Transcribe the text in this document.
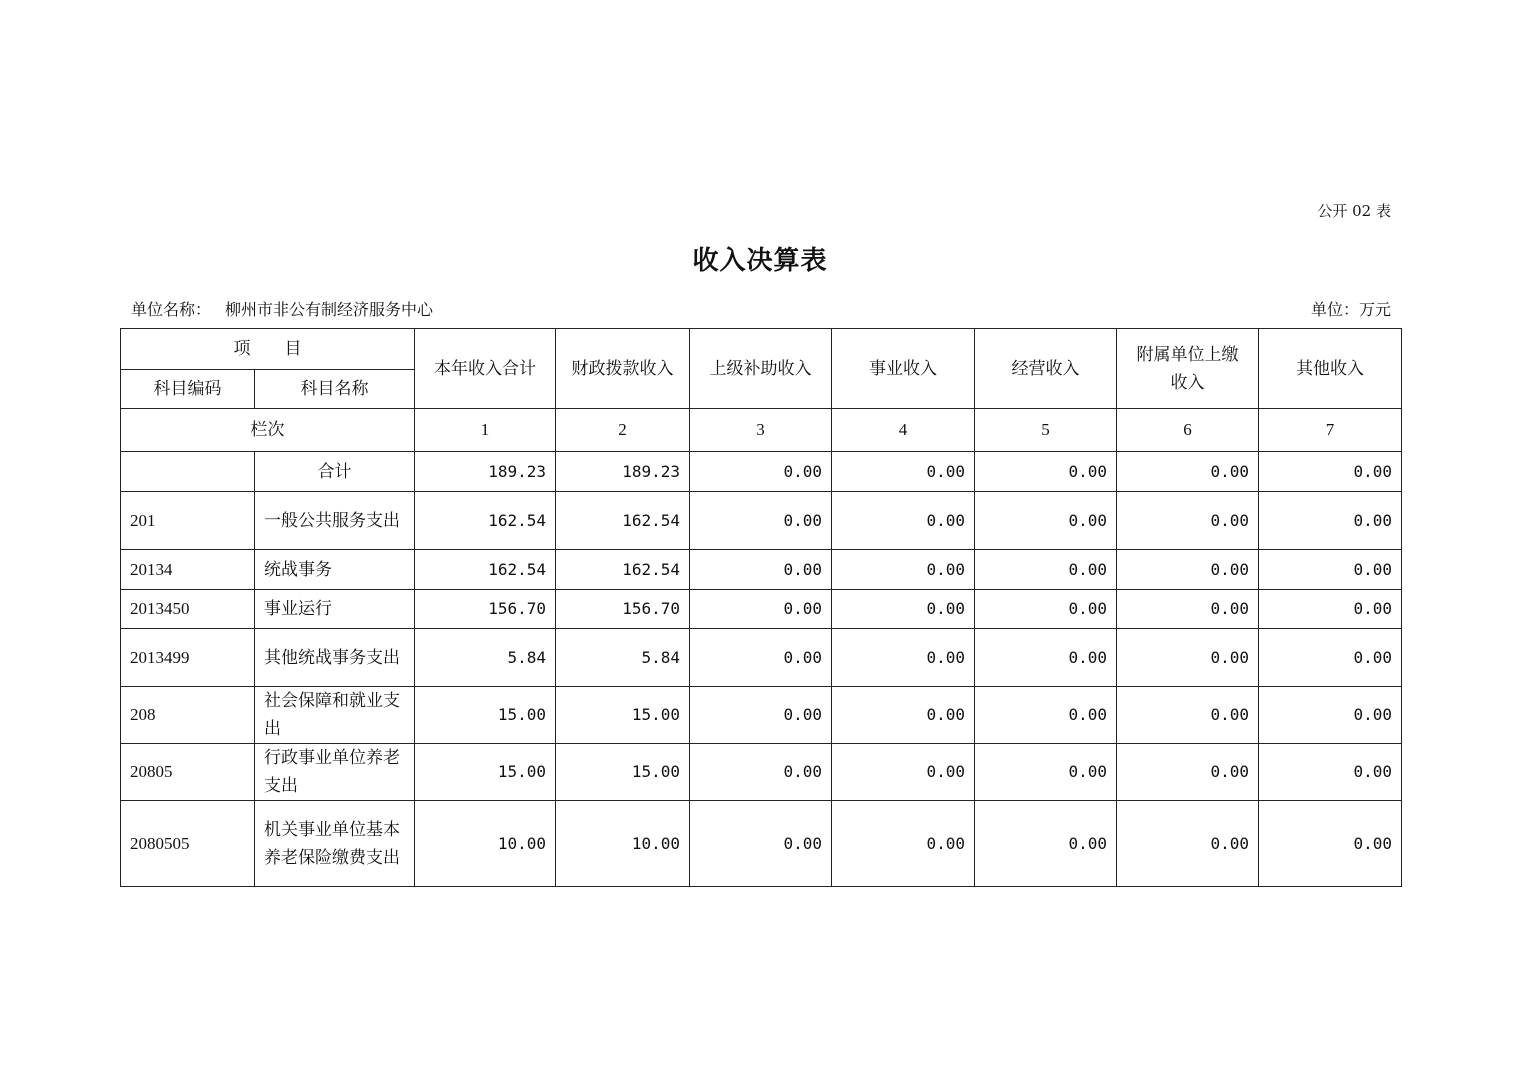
公开 02 表
收入决算表
单位名称： 柳州市非公有制经济服务中心	单位：万元
项　　目		本年收入合计	财政拨款收入	上级补助收入	事业收入	经营收入	附属单位上缴收入	其他收入
科目编码	科目名称							
栏次		1	2	3	4	5	6	7
	合计	189.23	189.23	0.00	0.00	0.00	0.00	0.00
201	一般公共服务支出	162.54	162.54	0.00	0.00	0.00	0.00	0.00
20134	统战事务	162.54	162.54	0.00	0.00	0.00	0.00	0.00
2013450	事业运行	156.70	156.70	0.00	0.00	0.00	0.00	0.00
2013499	其他统战事务支出	5.84	5.84	0.00	0.00	0.00	0.00	0.00
208	社会保障和就业支出	15.00	15.00	0.00	0.00	0.00	0.00	0.00
20805	行政事业单位养老支出	15.00	15.00	0.00	0.00	0.00	0.00	0.00
2080505	机关事业单位基本养老保险缴费支出	10.00	10.00	0.00	0.00	0.00	0.00	0.00
